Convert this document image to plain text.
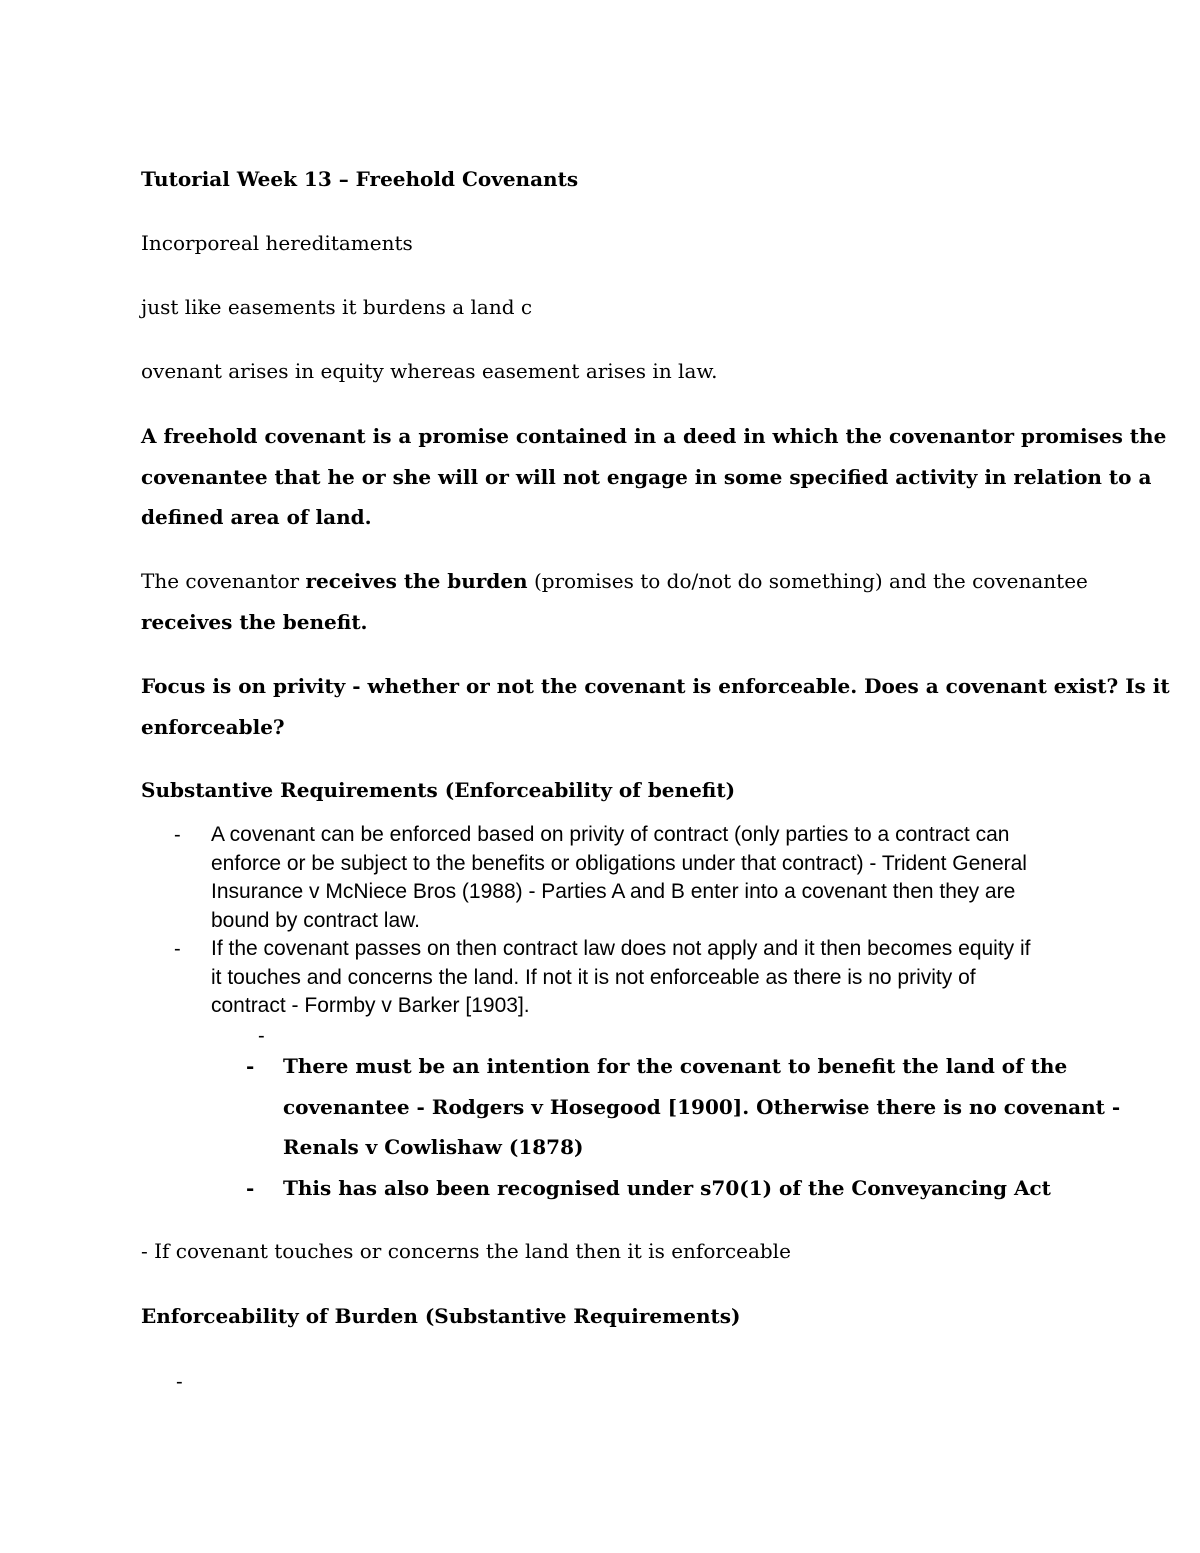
Tutorial Week 13 – Freehold Covenants
Incorporeal hereditaments
just like easements it burdens a land c
ovenant arises in equity whereas easement arises in law.
A freehold covenant is a promise contained in a deed in which the covenantor promises the
covenantee that he or she will or will not engage in some specified activity in relation to a
defined area of land.
The covenantor receives the burden (promises to do/not do something) and the covenantee
receives the benefit.
Focus is on privity - whether or not the covenant is enforceable. Does a covenant exist? Is it
enforceable?
Substantive Requirements (Enforceability of benefit)
- A covenant can be enforced based on privity of contract (only parties to a contract can
enforce or be subject to the benefits or obligations under that contract) - Trident General
Insurance v McNiece Bros (1988) - Parties A and B enter into a covenant then they are
bound by contract law.
- If the covenant passes on then contract law does not apply and it then becomes equity if
it touches and concerns the land. If not it is not enforceable as there is no privity of
contract - Formby v Barker [1903].
-
- There must be an intention for the covenant to benefit the land of the
covenantee - Rodgers v Hosegood [1900]. Otherwise there is no covenant -
Renals v Cowlishaw (1878)
- This has also been recognised under s70(1) of the Conveyancing Act
- If covenant touches or concerns the land then it is enforceable
Enforceability of Burden (Substantive Requirements)
-
